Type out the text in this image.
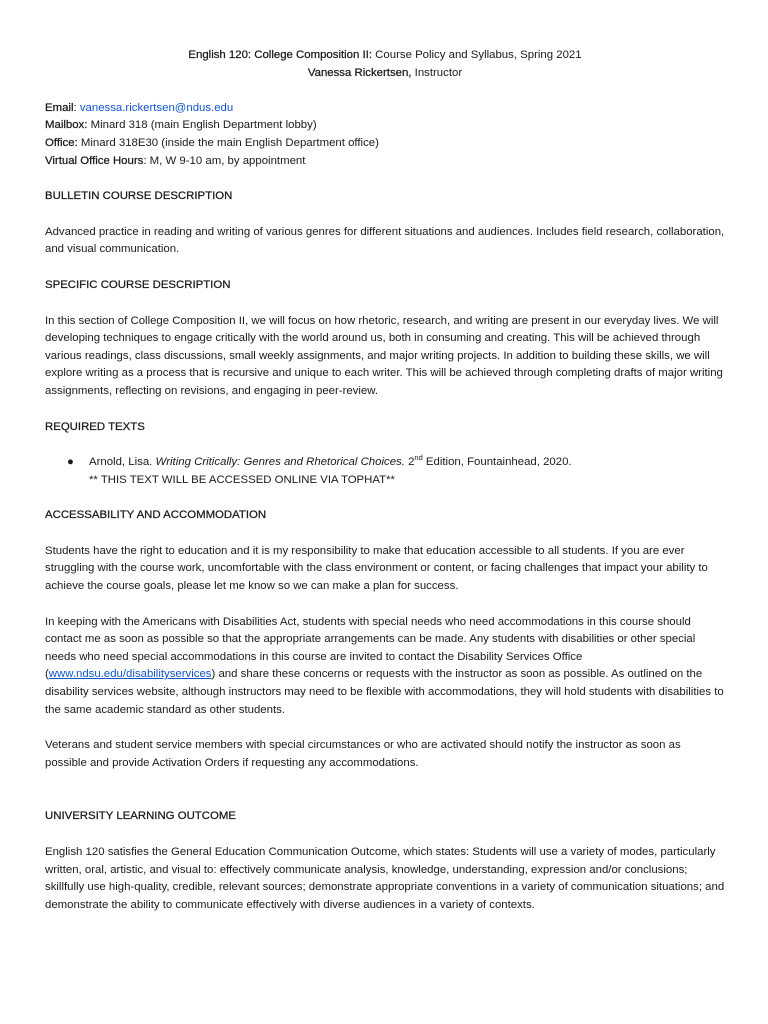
English 120: College Composition II: Course Policy and Syllabus, Spring 2021
Vanessa Rickertsen, Instructor
Email: vanessa.rickertsen@ndus.edu
Mailbox: Minard 318 (main English Department lobby)
Office: Minard 318E30 (inside the main English Department office)
Virtual Office Hours: M, W 9-10 am, by appointment

BULLETIN COURSE DESCRIPTION

Advanced practice in reading and writing of various genres for different situations and audiences. Includes field research, collaboration, and visual communication.

SPECIFIC COURSE DESCRIPTION

In this section of College Composition II, we will focus on how rhetoric, research, and writing are present in our everyday lives. We will developing techniques to engage critically with the world around us, both in consuming and creating. This will be achieved through various readings, class discussions, small weekly assignments, and major writing projects. In addition to building these skills, we will explore writing as a process that is recursive and unique to each writer. This will be achieved through completing drafts of major writing assignments, reflecting on revisions, and engaging in peer-review.

REQUIRED TEXTS

● Arnold, Lisa. Writing Critically: Genres and Rhetorical Choices. 2nd Edition, Fountainhead, 2020.
** THIS TEXT WILL BE ACCESSED ONLINE VIA TOPHAT**

ACCESSABILITY AND ACCOMMODATION

Students have the right to education and it is my responsibility to make that education accessible to all students. If you are ever struggling with the course work, uncomfortable with the class environment or content, or facing challenges that impact your ability to achieve the course goals, please let me know so we can make a plan for success.

In keeping with the Americans with Disabilities Act, students with special needs who need accommodations in this course should contact me as soon as possible so that the appropriate arrangements can be made. Any students with disabilities or other special needs who need special accommodations in this course are invited to contact the Disability Services Office (www.ndsu.edu/disabilityservices) and share these concerns or requests with the instructor as soon as possible. As outlined on the disability services website, although instructors may need to be flexible with accommodations, they will hold students with disabilities to the same academic standard as other students.

Veterans and student service members with special circumstances or who are activated should notify the instructor as soon as possible and provide Activation Orders if requesting any accommodations.

UNIVERSITY LEARNING OUTCOME

English 120 satisfies the General Education Communication Outcome, which states: Students will use a variety of modes, particularly written, oral, artistic, and visual to: effectively communicate analysis, knowledge, understanding, expression and/or conclusions; skillfully use high-quality, credible, relevant sources; demonstrate appropriate conventions in a variety of communication situations; and demonstrate the ability to communicate effectively with diverse audiences in a variety of contexts.
